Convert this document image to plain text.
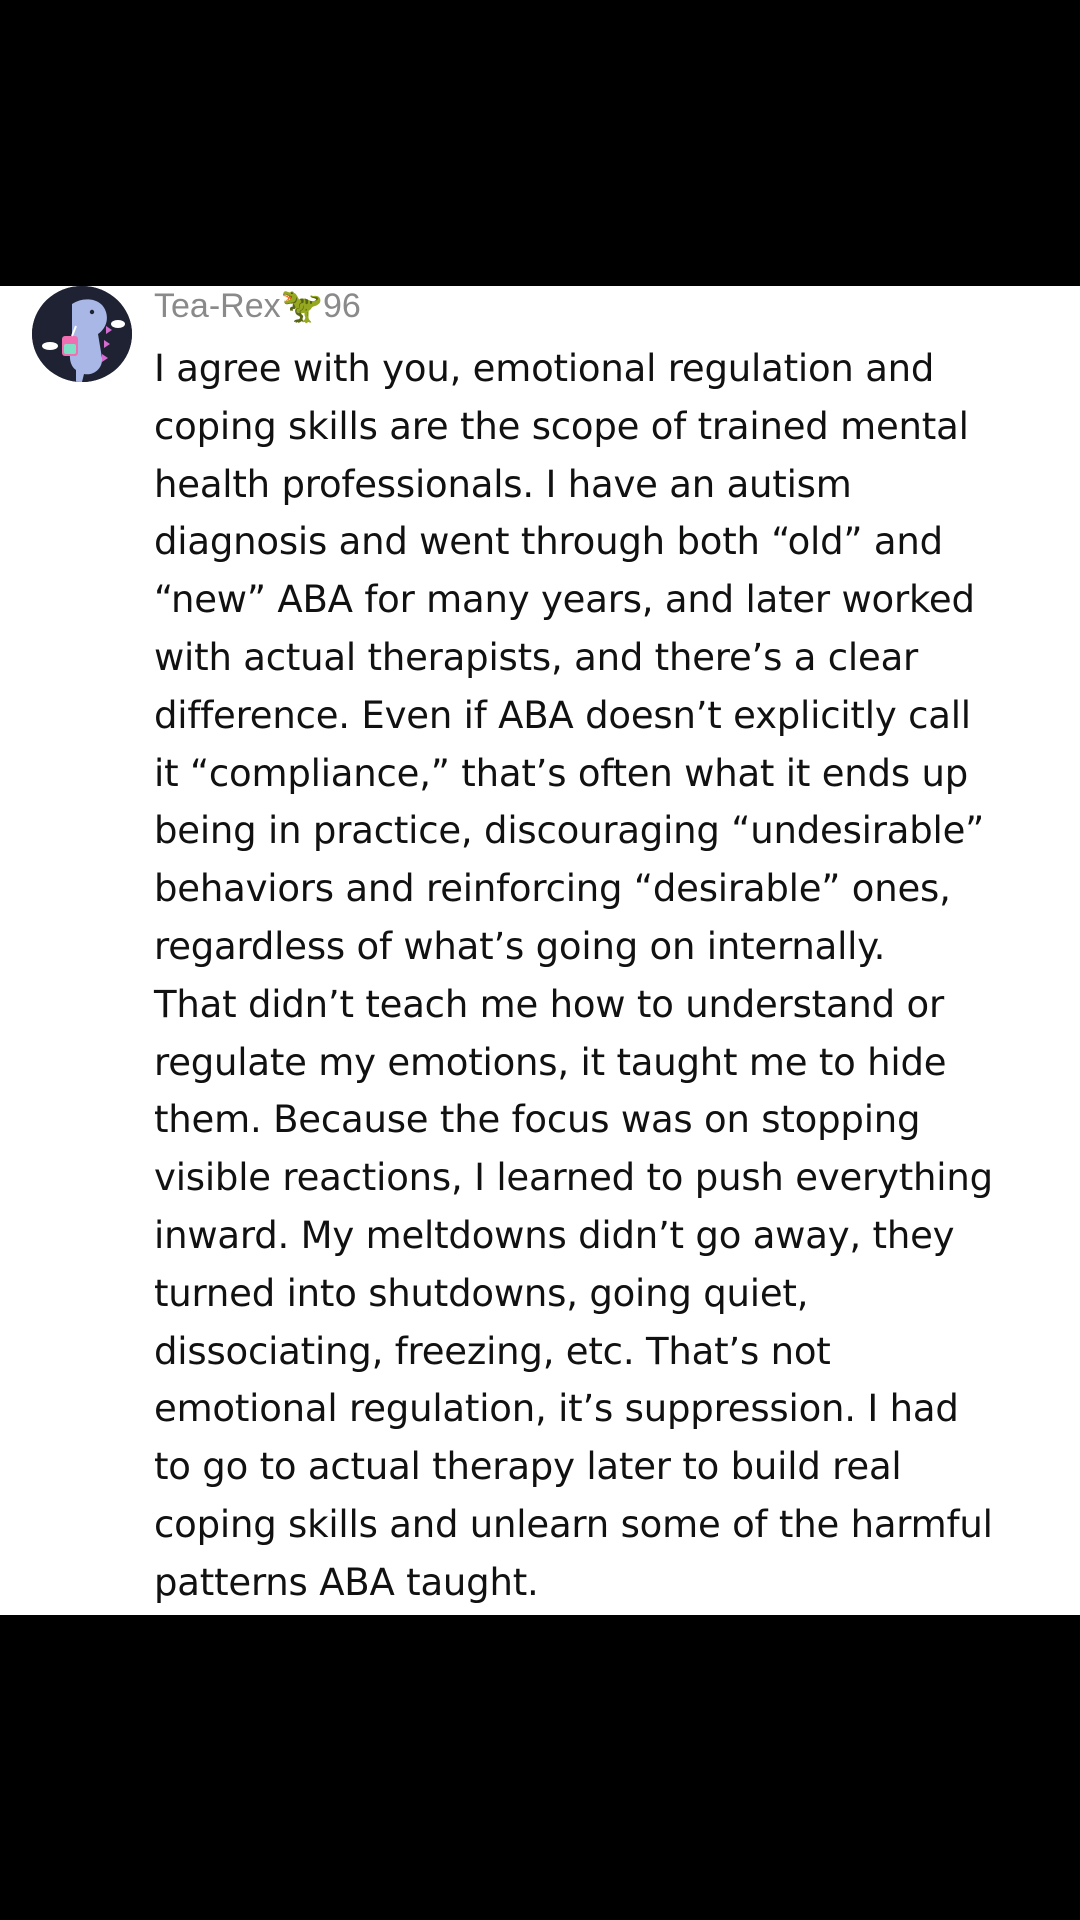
Tea-Rex🦖96

I agree with you, emotional regulation and
coping skills are the scope of trained mental
health professionals. I have an autism
diagnosis and went through both “old” and
“new” ABA for many years, and later worked
with actual therapists, and there’s a clear
difference. Even if ABA doesn’t explicitly call
it “compliance,” that’s often what it ends up
being in practice, discouraging “undesirable”
behaviors and reinforcing “desirable” ones,
regardless of what’s going on internally.
That didn’t teach me how to understand or
regulate my emotions, it taught me to hide
them. Because the focus was on stopping
visible reactions, I learned to push everything
inward. My meltdowns didn’t go away, they
turned into shutdowns, going quiet,
dissociating, freezing, etc. That’s not
emotional regulation, it’s suppression. I had
to go to actual therapy later to build real
coping skills and unlearn some of the harmful
patterns ABA taught.
